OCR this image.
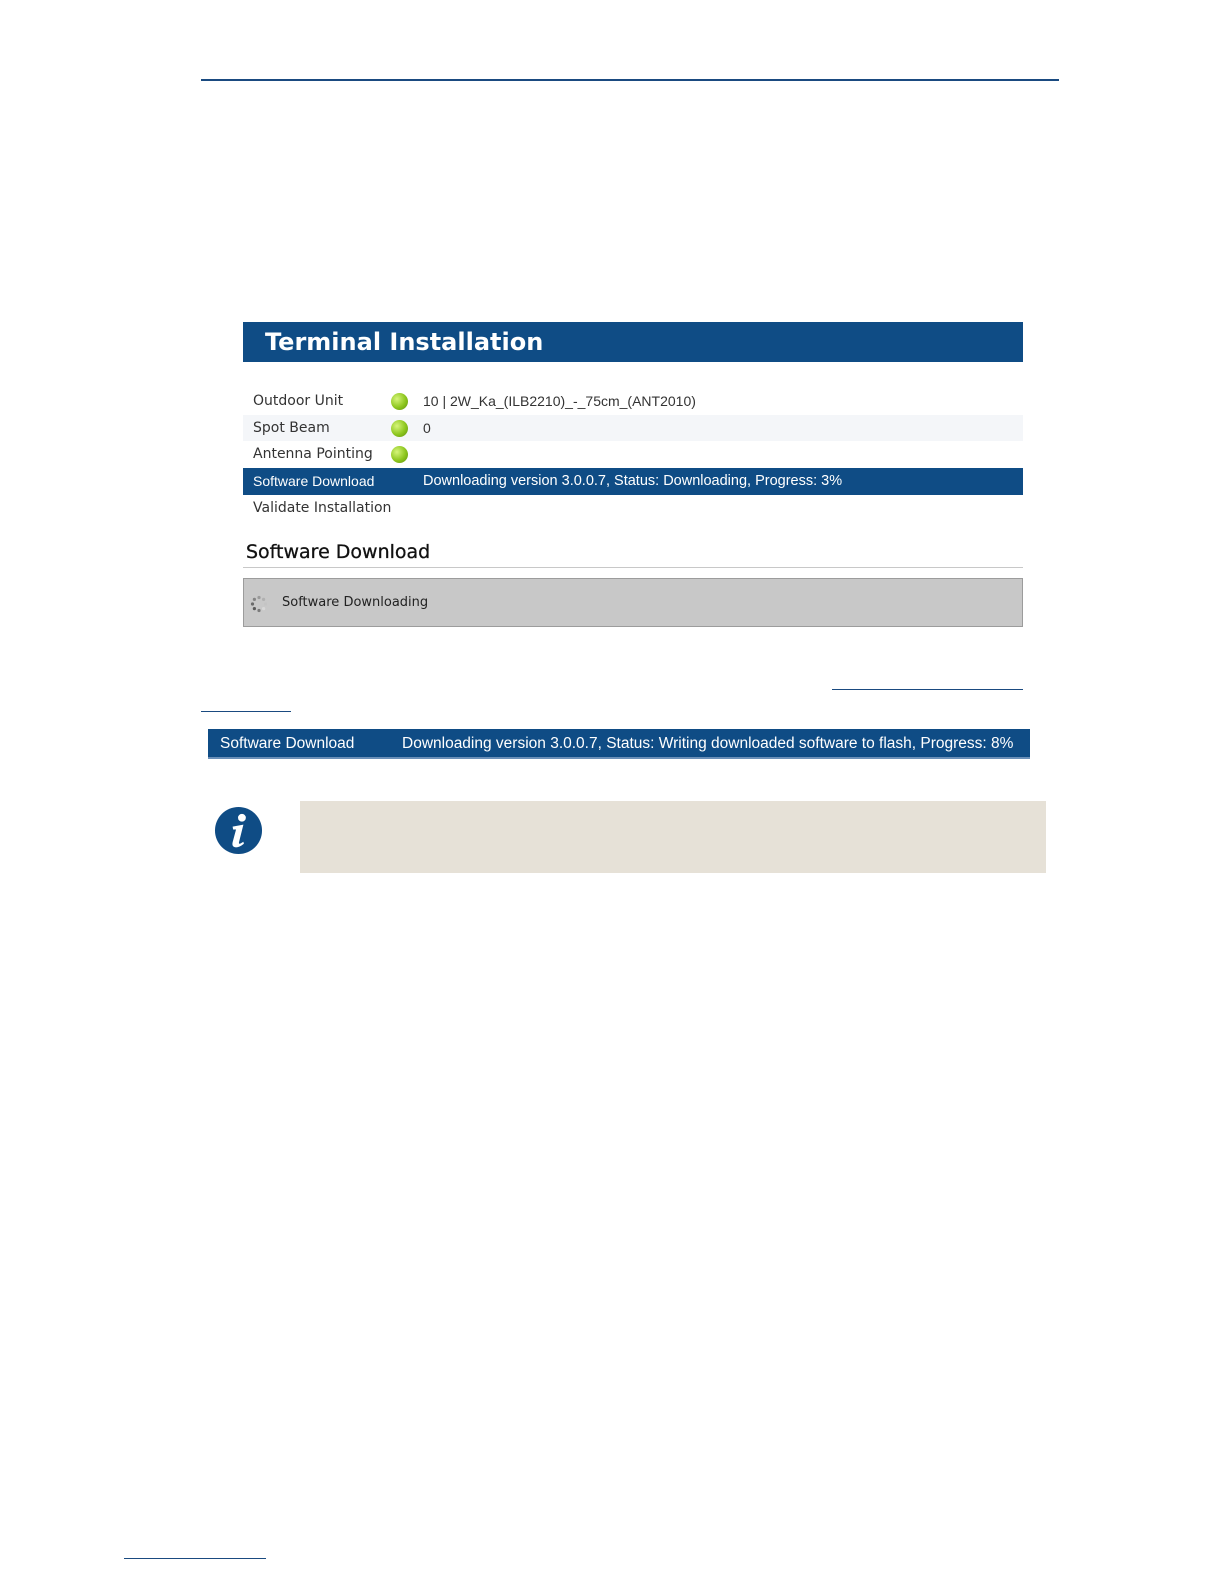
Terminal Installation
Outdoor Unit	10 | 2W_Ka_(ILB2210)_-_75cm_(ANT2010)
Spot Beam	0
Antenna Pointing
Software Download	Downloading version 3.0.0.7, Status: Downloading, Progress: 3%
Validate Installation
Software Download
Software Downloading
Software Download	Downloading version 3.0.0.7, Status: Writing downloaded software to flash, Progress: 8%
